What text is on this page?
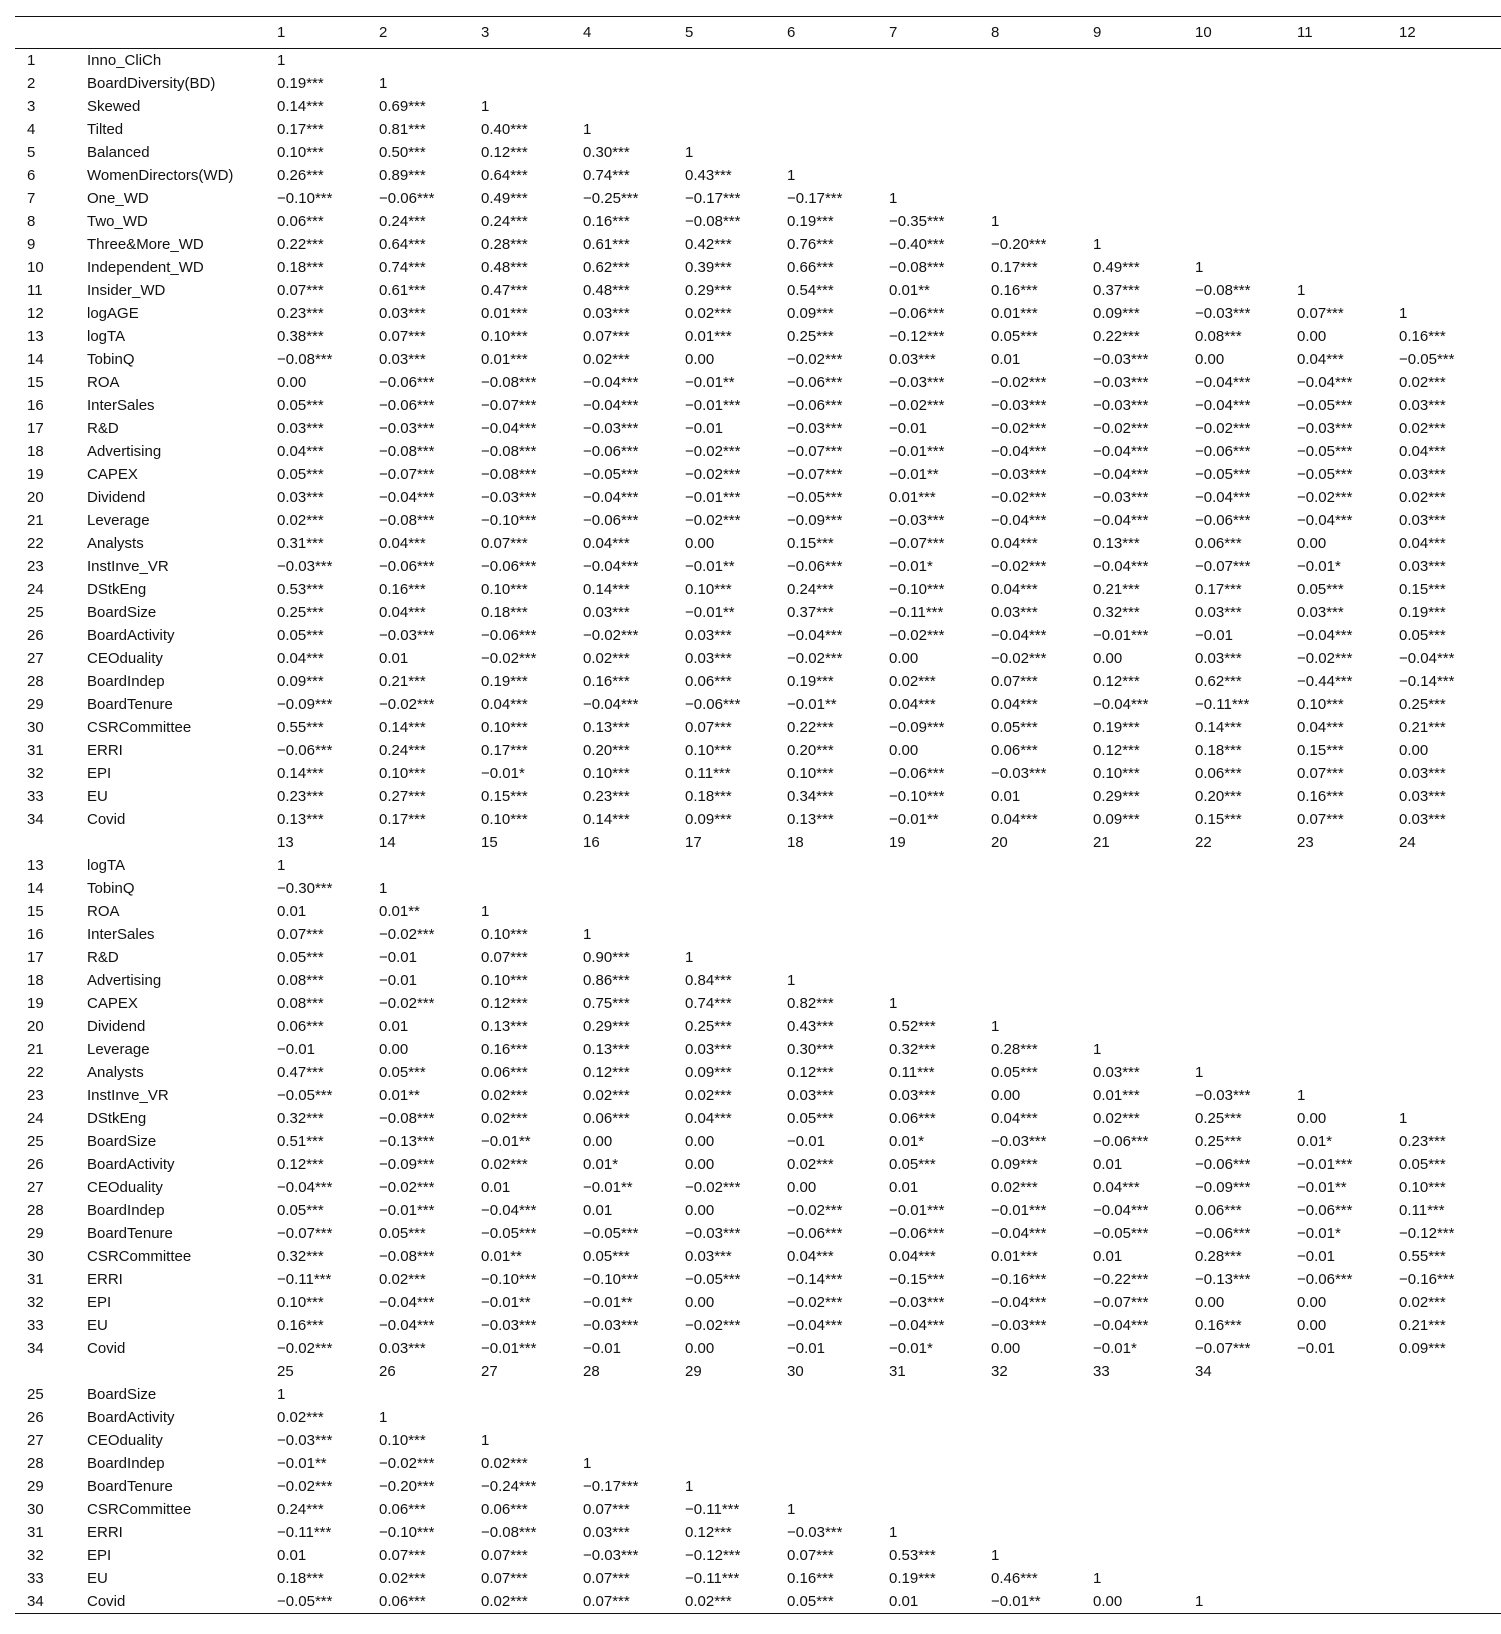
		1	2	3	4	5	6	7	8	9	10	11	12
1	Inno_CliCh	1											
2	BoardDiversity(BD)	0.19***	1										
3	Skewed	0.14***	0.69***	1									
4	Tilted	0.17***	0.81***	0.40***	1								
5	Balanced	0.10***	0.50***	0.12***	0.30***	1							
6	WomenDirectors(WD)	0.26***	0.89***	0.64***	0.74***	0.43***	1						
7	One_WD	−0.10***	−0.06***	0.49***	−0.25***	−0.17***	−0.17***	1					
8	Two_WD	0.06***	0.24***	0.24***	0.16***	−0.08***	0.19***	−0.35***	1				
9	Three&More_WD	0.22***	0.64***	0.28***	0.61***	0.42***	0.76***	−0.40***	−0.20***	1			
10	Independent_WD	0.18***	0.74***	0.48***	0.62***	0.39***	0.66***	−0.08***	0.17***	0.49***	1		
11	Insider_WD	0.07***	0.61***	0.47***	0.48***	0.29***	0.54***	0.01**	0.16***	0.37***	−0.08***	1	
12	logAGE	0.23***	0.03***	0.01***	0.03***	0.02***	0.09***	−0.06***	0.01***	0.09***	−0.03***	0.07***	1
13	logTA	0.38***	0.07***	0.10***	0.07***	0.01***	0.25***	−0.12***	0.05***	0.22***	0.08***	0.00	0.16***
14	TobinQ	−0.08***	0.03***	0.01***	0.02***	0.00	−0.02***	0.03***	0.01	−0.03***	0.00	0.04***	−0.05***
15	ROA	0.00	−0.06***	−0.08***	−0.04***	−0.01**	−0.06***	−0.03***	−0.02***	−0.03***	−0.04***	−0.04***	0.02***
16	InterSales	0.05***	−0.06***	−0.07***	−0.04***	−0.01***	−0.06***	−0.02***	−0.03***	−0.03***	−0.04***	−0.05***	0.03***
17	R&D	0.03***	−0.03***	−0.04***	−0.03***	−0.01	−0.03***	−0.01	−0.02***	−0.02***	−0.02***	−0.03***	0.02***
18	Advertising	0.04***	−0.08***	−0.08***	−0.06***	−0.02***	−0.07***	−0.01***	−0.04***	−0.04***	−0.06***	−0.05***	0.04***
19	CAPEX	0.05***	−0.07***	−0.08***	−0.05***	−0.02***	−0.07***	−0.01**	−0.03***	−0.04***	−0.05***	−0.05***	0.03***
20	Dividend	0.03***	−0.04***	−0.03***	−0.04***	−0.01***	−0.05***	0.01***	−0.02***	−0.03***	−0.04***	−0.02***	0.02***
21	Leverage	0.02***	−0.08***	−0.10***	−0.06***	−0.02***	−0.09***	−0.03***	−0.04***	−0.04***	−0.06***	−0.04***	0.03***
22	Analysts	0.31***	0.04***	0.07***	0.04***	0.00	0.15***	−0.07***	0.04***	0.13***	0.06***	0.00	0.04***
23	InstInve_VR	−0.03***	−0.06***	−0.06***	−0.04***	−0.01**	−0.06***	−0.01*	−0.02***	−0.04***	−0.07***	−0.01*	0.03***
24	DStkEng	0.53***	0.16***	0.10***	0.14***	0.10***	0.24***	−0.10***	0.04***	0.21***	0.17***	0.05***	0.15***
25	BoardSize	0.25***	0.04***	0.18***	0.03***	−0.01**	0.37***	−0.11***	0.03***	0.32***	0.03***	0.03***	0.19***
26	BoardActivity	0.05***	−0.03***	−0.06***	−0.02***	0.03***	−0.04***	−0.02***	−0.04***	−0.01***	−0.01	−0.04***	0.05***
27	CEOduality	0.04***	0.01	−0.02***	0.02***	0.03***	−0.02***	0.00	−0.02***	0.00	0.03***	−0.02***	−0.04***
28	BoardIndep	0.09***	0.21***	0.19***	0.16***	0.06***	0.19***	0.02***	0.07***	0.12***	0.62***	−0.44***	−0.14***
29	BoardTenure	−0.09***	−0.02***	0.04***	−0.04***	−0.06***	−0.01**	0.04***	0.04***	−0.04***	−0.11***	0.10***	0.25***
30	CSRCommittee	0.55***	0.14***	0.10***	0.13***	0.07***	0.22***	−0.09***	0.05***	0.19***	0.14***	0.04***	0.21***
31	ERRI	−0.06***	0.24***	0.17***	0.20***	0.10***	0.20***	0.00	0.06***	0.12***	0.18***	0.15***	0.00
32	EPI	0.14***	0.10***	−0.01*	0.10***	0.11***	0.10***	−0.06***	−0.03***	0.10***	0.06***	0.07***	0.03***
33	EU	0.23***	0.27***	0.15***	0.23***	0.18***	0.34***	−0.10***	0.01	0.29***	0.20***	0.16***	0.03***
34	Covid	0.13***	0.17***	0.10***	0.14***	0.09***	0.13***	−0.01**	0.04***	0.09***	0.15***	0.07***	0.03***
		13	14	15	16	17	18	19	20	21	22	23	24
13	logTA	1											
14	TobinQ	−0.30***	1										
15	ROA	0.01	0.01**	1									
16	InterSales	0.07***	−0.02***	0.10***	1								
17	R&D	0.05***	−0.01	0.07***	0.90***	1							
18	Advertising	0.08***	−0.01	0.10***	0.86***	0.84***	1						
19	CAPEX	0.08***	−0.02***	0.12***	0.75***	0.74***	0.82***	1					
20	Dividend	0.06***	0.01	0.13***	0.29***	0.25***	0.43***	0.52***	1				
21	Leverage	−0.01	0.00	0.16***	0.13***	0.03***	0.30***	0.32***	0.28***	1			
22	Analysts	0.47***	0.05***	0.06***	0.12***	0.09***	0.12***	0.11***	0.05***	0.03***	1		
23	InstInve_VR	−0.05***	0.01**	0.02***	0.02***	0.02***	0.03***	0.03***	0.00	0.01***	−0.03***	1	
24	DStkEng	0.32***	−0.08***	0.02***	0.06***	0.04***	0.05***	0.06***	0.04***	0.02***	0.25***	0.00	1
25	BoardSize	0.51***	−0.13***	−0.01**	0.00	0.00	−0.01	0.01*	−0.03***	−0.06***	0.25***	0.01*	0.23***
26	BoardActivity	0.12***	−0.09***	0.02***	0.01*	0.00	0.02***	0.05***	0.09***	0.01	−0.06***	−0.01***	0.05***
27	CEOduality	−0.04***	−0.02***	0.01	−0.01**	−0.02***	0.00	0.01	0.02***	0.04***	−0.09***	−0.01**	0.10***
28	BoardIndep	0.05***	−0.01***	−0.04***	0.01	0.00	−0.02***	−0.01***	−0.01***	−0.04***	0.06***	−0.06***	0.11***
29	BoardTenure	−0.07***	0.05***	−0.05***	−0.05***	−0.03***	−0.06***	−0.06***	−0.04***	−0.05***	−0.06***	−0.01*	−0.12***
30	CSRCommittee	0.32***	−0.08***	0.01**	0.05***	0.03***	0.04***	0.04***	0.01***	0.01	0.28***	−0.01	0.55***
31	ERRI	−0.11***	0.02***	−0.10***	−0.10***	−0.05***	−0.14***	−0.15***	−0.16***	−0.22***	−0.13***	−0.06***	−0.16***
32	EPI	0.10***	−0.04***	−0.01**	−0.01**	0.00	−0.02***	−0.03***	−0.04***	−0.07***	0.00	0.00	0.02***
33	EU	0.16***	−0.04***	−0.03***	−0.03***	−0.02***	−0.04***	−0.04***	−0.03***	−0.04***	0.16***	0.00	0.21***
34	Covid	−0.02***	0.03***	−0.01***	−0.01	0.00	−0.01	−0.01*	0.00	−0.01*	−0.07***	−0.01	0.09***
		25	26	27	28	29	30	31	32	33	34		
25	BoardSize	1											
26	BoardActivity	0.02***	1										
27	CEOduality	−0.03***	0.10***	1									
28	BoardIndep	−0.01**	−0.02***	0.02***	1								
29	BoardTenure	−0.02***	−0.20***	−0.24***	−0.17***	1							
30	CSRCommittee	0.24***	0.06***	0.06***	0.07***	−0.11***	1						
31	ERRI	−0.11***	−0.10***	−0.08***	0.03***	0.12***	−0.03***	1					
32	EPI	0.01	0.07***	0.07***	−0.03***	−0.12***	0.07***	0.53***	1				
33	EU	0.18***	0.02***	0.07***	0.07***	−0.11***	0.16***	0.19***	0.46***	1			
34	Covid	−0.05***	0.06***	0.02***	0.07***	0.02***	0.05***	0.01	−0.01**	0.00	1		
